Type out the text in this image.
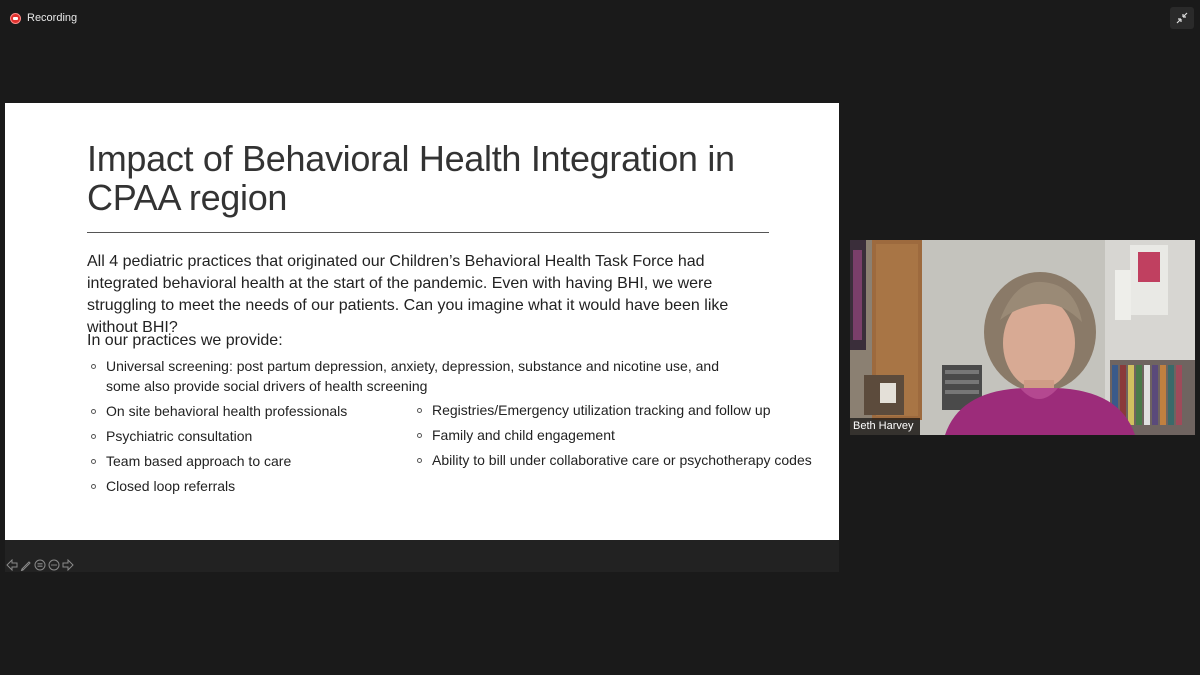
Recording
Impact of Behavioral Health Integration in CPAA region

All 4 pediatric practices that originated our Children’s Behavioral Health Task Force had integrated behavioral health at the start of the pandemic. Even with having BHI, we were struggling to meet the needs of our patients. Can you imagine what it would have been like without BHI?

In our practices we provide:

Universal screening: post partum depression, anxiety, depression, substance and nicotine use, and some also provide social drivers of health screening
On site behavioral health professionals
Psychiatric consultation
Team based approach to care
Closed loop referrals
Registries/Emergency utilization tracking and follow up
Family and child engagement
Ability to bill under collaborative care or psychotherapy codes
Beth Harvey
